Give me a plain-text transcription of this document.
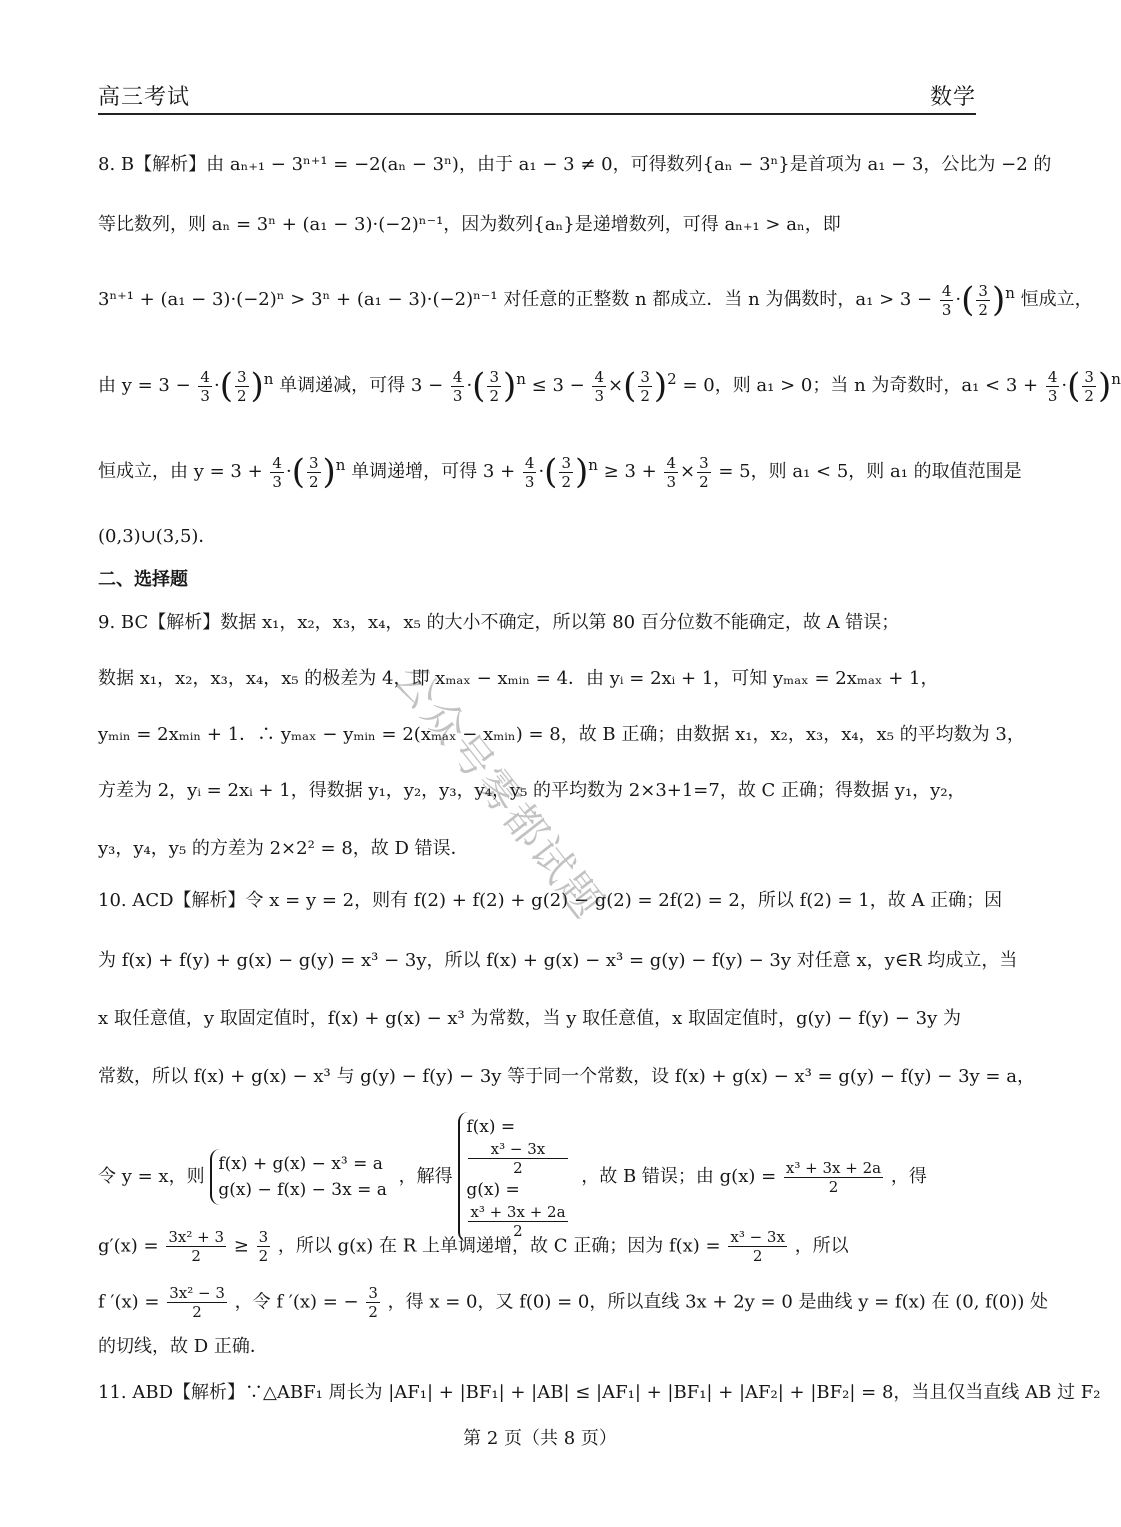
高三考试	数学
8. B【解析】由 aₙ₊₁ − 3ⁿ⁺¹ = −2(aₙ − 3ⁿ)，由于 a₁ − 3 ≠ 0，可得数列{aₙ − 3ⁿ}是首项为 a₁ − 3，公比为 −2 的
等比数列，则 aₙ = 3ⁿ + (a₁ − 3)·(−2)ⁿ⁻¹，因为数列{aₙ}是递增数列，可得 aₙ₊₁ > aₙ，即
3ⁿ⁺¹ + (a₁ − 3)·(−2)ⁿ > 3ⁿ + (a₁ − 3)·(−2)ⁿ⁻¹ 对任意的正整数 n 都成立．当 n 为偶数时，$a_1 > 3 - \frac{4}{3}$ ·( $\frac{3}{2} )^n$ 恒成立，
由 $y = 3 - \frac{4}{3}$ ·( $\frac{3}{2} )^n$ 单调递减，可得 $3 - \frac{4}{3}$ ·( $\frac{3}{2} )^n \le 3 - \frac{4}{3}$ ×( $\frac{3}{2} )^2 = 0$，则 a₁ > 0；当 n 为奇数时，$a_1 < 3 + \frac{4}{3}$ ·( $\frac{3}{2} )^n$
恒成立，由 $y = 3 + \frac{4}{3}$ ·( $\frac{3}{2} )^n$ 单调递增，可得 $3 + \frac{4}{3}$ ·( $\frac{3}{2} )^n \ge 3 + \frac{4}{3} \times \frac{3}{2} = 5$，则 a₁ < 5，则 a₁ 的取值范围是
(0,3)∪(3,5)．
二、选择题
9. BC【解析】数据 x₁，x₂，x₃，x₄，x₅ 的大小不确定，所以第 80 百分位数不能确定，故 A 错误；
数据 x₁，x₂，x₃，x₄，x₅ 的极差为 4，即 xₘₐₓ − xₘᵢₙ = 4．由 yᵢ = 2xᵢ + 1，可知 yₘₐₓ = 2xₘₐₓ + 1，
yₘᵢₙ = 2xₘᵢₙ + 1．∴ yₘₐₓ − yₘᵢₙ = 2(xₘₐₓ − xₘᵢₙ) = 8，故 B 正确；由数据 x₁，x₂，x₃，x₄，x₅ 的平均数为 3，
方差为 2，yᵢ = 2xᵢ + 1，得数据 y₁，y₂，y₃，y₄，y₅ 的平均数为 2×3+1=7，故 C 正确；得数据 y₁，y₂，
y₃，y₄，y₅ 的方差为 2×2² = 8，故 D 错误．
10. ACD【解析】令 x = y = 2，则有 f(2) + f(2) + g(2) − g(2) = 2f(2) = 2，所以 f(2) = 1，故 A 正确；因
为 f(x) + f(y) + g(x) − g(y) = x³ − 3y，所以 f(x) + g(x) − x³ = g(y) − f(y) − 3y 对任意 x，y∈R 均成立，当
x 取任意值，y 取固定值时，f(x) + g(x) − x³ 为常数，当 y 取任意值，x 取固定值时，g(y) − f(y) − 3y 为
常数，所以 f(x) + g(x) − x³ 与 g(y) − f(y) − 3y 等于同一个常数，设 f(x) + g(x) − x³ = g(y) − f(y) − 3y = a，
令 y = x，则
f(x) + g(x) − x³ = a
g(x) − f(x) − 3x = a
，解得
f(x) =
x³ − 3x
2
g(x) =
x³ + 3x + 2a
2
，故 B 错误；由 $g(x) = \frac{\text{x³ + 3x + 2a}}{2}$ ，得
$g'(x) = \frac{\text{3x² + 3}}{2} \ge \frac{3}{2}$ ，所以 g(x) 在 R 上单调递增，故 C 正确；因为 $f(x) = \frac{\text{x³ − 3x}}{2}$ ，所以
f $'(x) = \frac{\text{3x² − 3}}{2}$ ，令 f ′(x) = − $\frac{3}{2}$ ，得 x = 0，又 f(0) = 0，所以直线 3x + 2y = 0 是曲线 y = f(x) 在 (0, f(0)) 处
的切线，故 D 正确．
11. ABD【解析】∵△ABF₁ 周长为 |AF₁| + |BF₁| + |AB| ≤ |AF₁| + |BF₁| + |AF₂| + |BF₂| = 8，当且仅当直线 AB 过 F₂
第 2 页（共 8 页）
公众号雾都试题
